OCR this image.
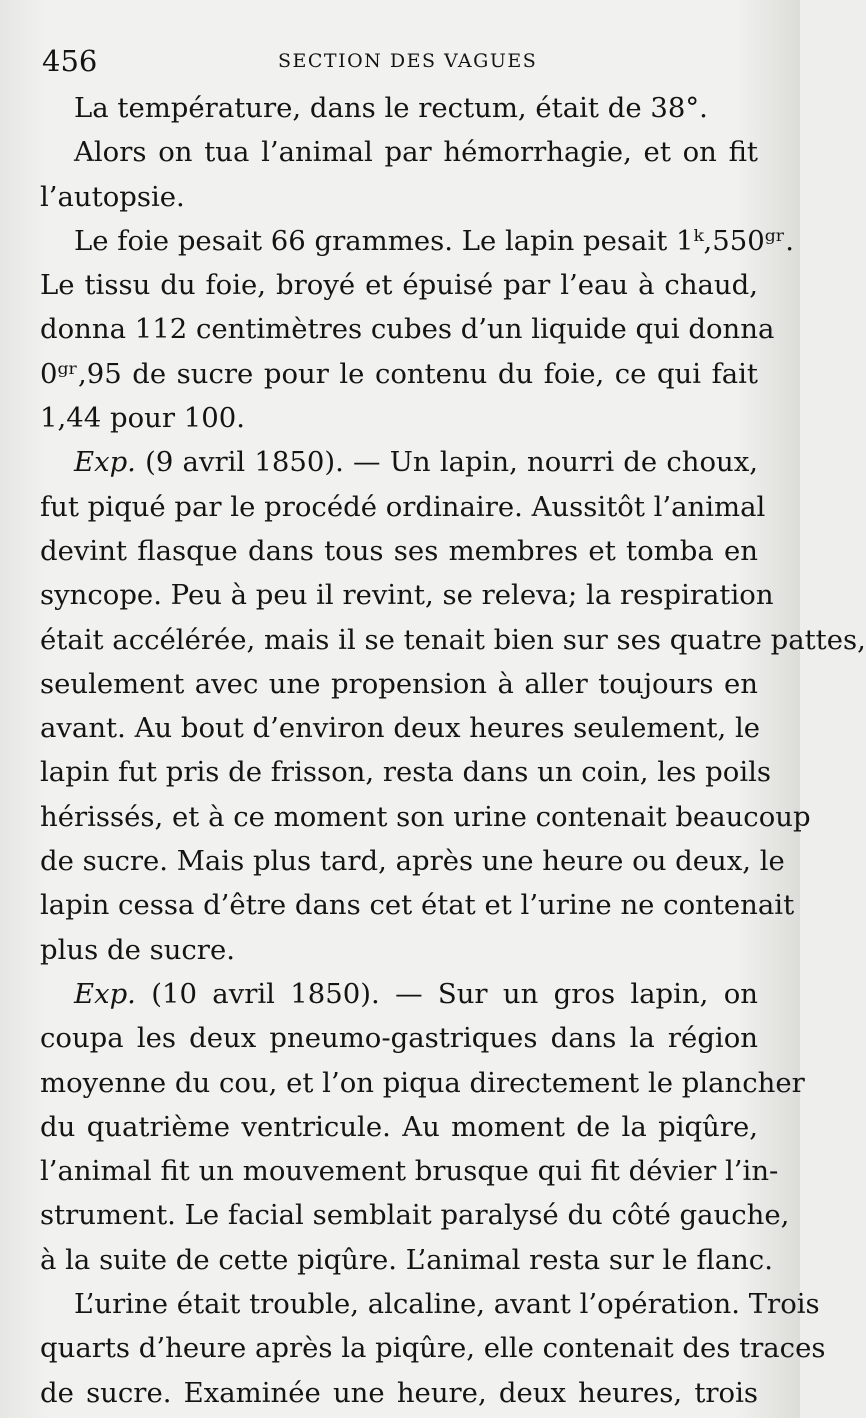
456	SECTION DES VAGUES
La température, dans le rectum, était de 38°.
Alors on tua l’animal par hémorrhagie, et on fit
l’autopsie.
Le foie pesait 66 grammes. Le lapin pesait 1ᵏ,550ᵍʳ.
Le tissu du foie, broyé et épuisé par l’eau à chaud,
donna 112 centimètres cubes d’un liquide qui donna
0ᵍʳ,95 de sucre pour le contenu du foie, ce qui fait
1,44 pour 100.
Exp. (9 avril 1850). — Un lapin, nourri de choux,
fut piqué par le procédé ordinaire. Aussitôt l’animal
devint flasque dans tous ses membres et tomba en
syncope. Peu à peu il revint, se releva; la respiration
était accélérée, mais il se tenait bien sur ses quatre pattes,
seulement avec une propension à aller toujours en
avant. Au bout d’environ deux heures seulement, le
lapin fut pris de frisson, resta dans un coin, les poils
hérissés, et à ce moment son urine contenait beaucoup
de sucre. Mais plus tard, après une heure ou deux, le
lapin cessa d’être dans cet état et l’urine ne contenait
plus de sucre.
Exp. (10 avril 1850). — Sur un gros lapin, on
coupa les deux pneumo-gastriques dans la région
moyenne du cou, et l’on piqua directement le plancher
du quatrième ventricule. Au moment de la piqûre,
l’animal fit un mouvement brusque qui fit dévier l’in-
strument. Le facial semblait paralysé du côté gauche,
à la suite de cette piqûre. L’animal resta sur le flanc.
L’urine était trouble, alcaline, avant l’opération. Trois
quarts d’heure après la piqûre, elle contenait des traces
de sucre. Examinée une heure, deux heures, trois
